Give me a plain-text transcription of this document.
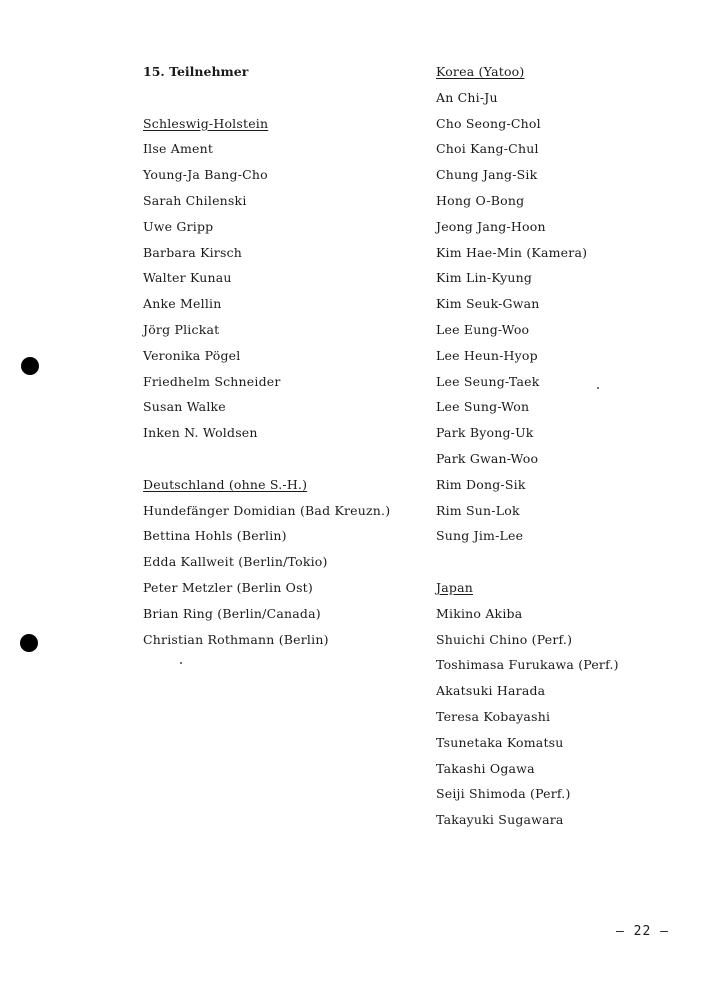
15. Teilnehmer
Schleswig-Holstein
Ilse Ament
Young-Ja Bang-Cho
Sarah Chilenski
Uwe Gripp
Barbara Kirsch
Walter Kunau
Anke Mellin
Jörg Plickat
Veronika Pögel
Friedhelm Schneider
Susan Walke
Inken N. Woldsen
Deutschland (ohne S.-H.)
Hundefänger Domidian (Bad Kreuzn.)
Bettina Hohls (Berlin)
Edda Kallweit (Berlin/Tokio)
Peter Metzler (Berlin Ost)
Brian Ring (Berlin/Canada)
Christian Rothmann (Berlin)
Korea (Yatoo)
An Chi-Ju
Cho Seong-Chol
Choi Kang-Chul
Chung Jang-Sik
Hong O-Bong
Jeong Jang-Hoon
Kim Hae-Min (Kamera)
Kim Lin-Kyung
Kim Seuk-Gwan
Lee Eung-Woo
Lee Heun-Hyop
Lee Seung-Taek
Lee Sung-Won
Park Byong-Uk
Park Gwan-Woo
Rim Dong-Sik
Rim Sun-Lok
Sung Jim-Lee
Japan
Mikino Akiba
Shuichi Chino (Perf.)
Toshimasa Furukawa (Perf.)
Akatsuki Harada
Teresa Kobayashi
Tsunetaka Komatsu
Takashi Ogawa
Seiji Shimoda (Perf.)
Takayuki Sugawara
– 22 –
